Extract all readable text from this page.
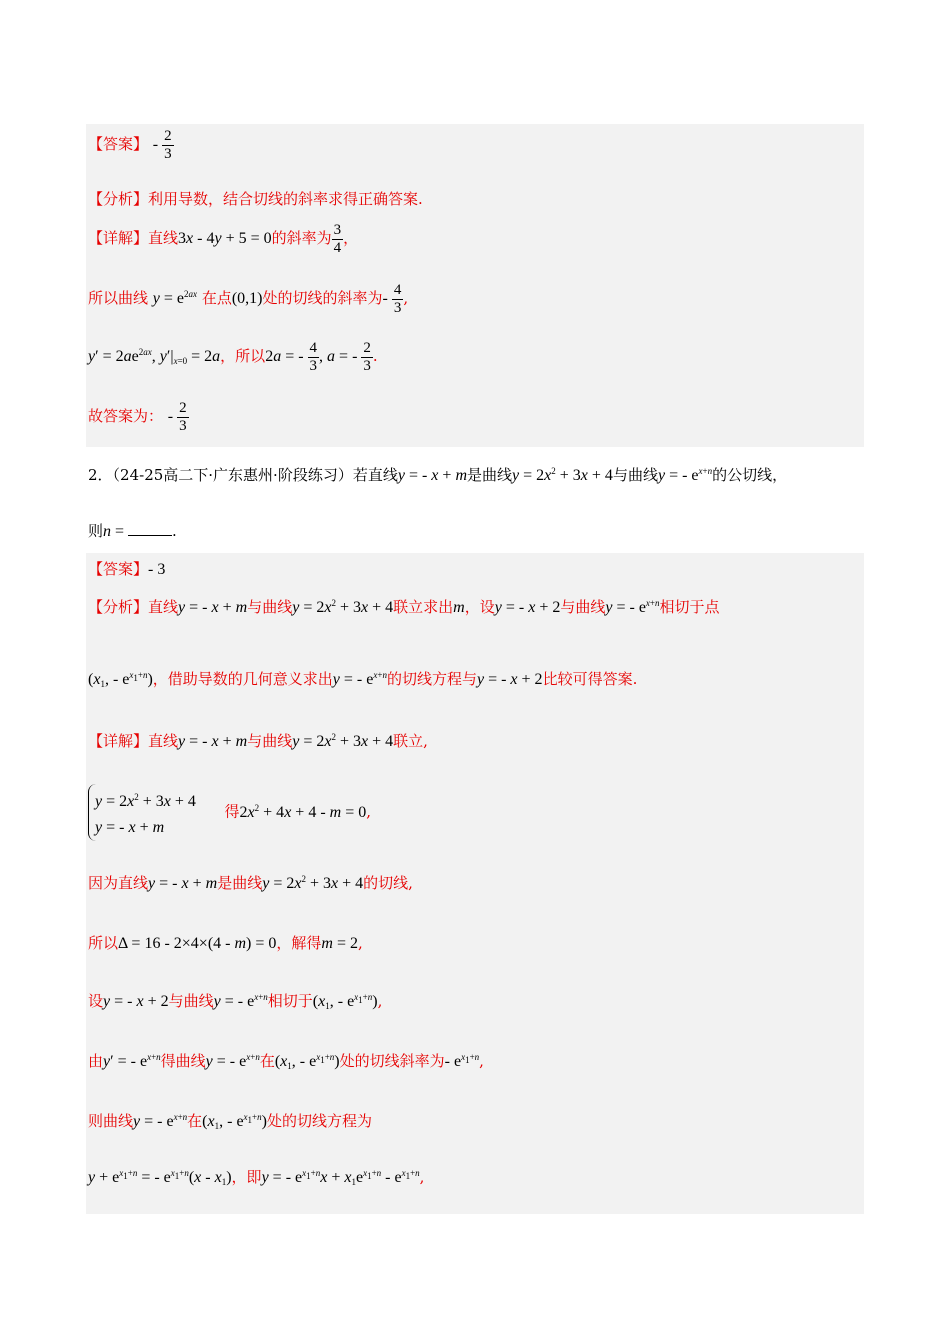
【答案】 - $\frac{2}{3}$
【分析】利用导数，结合切线的斜率求得正确答案.
【详解】直线3x - 4y + 5 = 0的斜率为 $\frac{3}{4}$ ，
所以曲线 $y = e^{2ax}$ 在点(0,1)处的切线的斜率为- $\frac{4}{3}$ ,
$y' = 2ae^{2ax}$, $y'|_{x=0} = 2a$，所以2a = - $\frac{4}{3}$ , a = - $\frac{2}{3}$ .
故答案为： - $\frac{2}{3}$
2．（24-25高二下·广东惠州·阶段练习）若直线y = - x + m是曲线$y = 2x^2 + 3x + 4$与曲线y = - $e^{x+n}$的公切线，
则n =	.
【答案】- 3
【分析】直线y = - x + m与曲线$y = 2x^2 + 3x + 4$联立求出m，设y = - x + 2与曲线y = - $e^{x+n}$相切于点
($x_1$, - $e^{x_1+n}$)，借助导数的几何意义求出y = - $e^{x+n}$的切线方程与y = - x + 2比较可得答案.
【详解】直线y = - x + m与曲线$y = 2x^2 + 3x + 4$联立,
$y = 2x^2 + 3x + 4$
y = - x + m      得$2x^2 + 4x + 4 - m = 0$,
因为直线y = - x + m是曲线$y = 2x^2 + 3x + 4$的切线,
所以Δ = 16 - 2×4×(4 - m) = 0，解得m = 2,
设y = - x + 2与曲线y = - $e^{x+n}$相切于($x_1$, - $e^{x_1+n}$),
由y′ = - $e^{x+n}$得曲线y = - $e^{x+n}$在($x_1$, - $e^{x_1+n}$)处的切线斜率为- $e^{x_1+n}$,
则曲线y = - $e^{x+n}$在($x_1$, - $e^{x_1+n}$)处的切线方程为
$y + e^{x_1+n}$ = - $e^{x_1+n}(x - x_1)$，即y = - $e^{x_1+n}x + x_1e^{x_1+n} - e^{x_1+n}$,
